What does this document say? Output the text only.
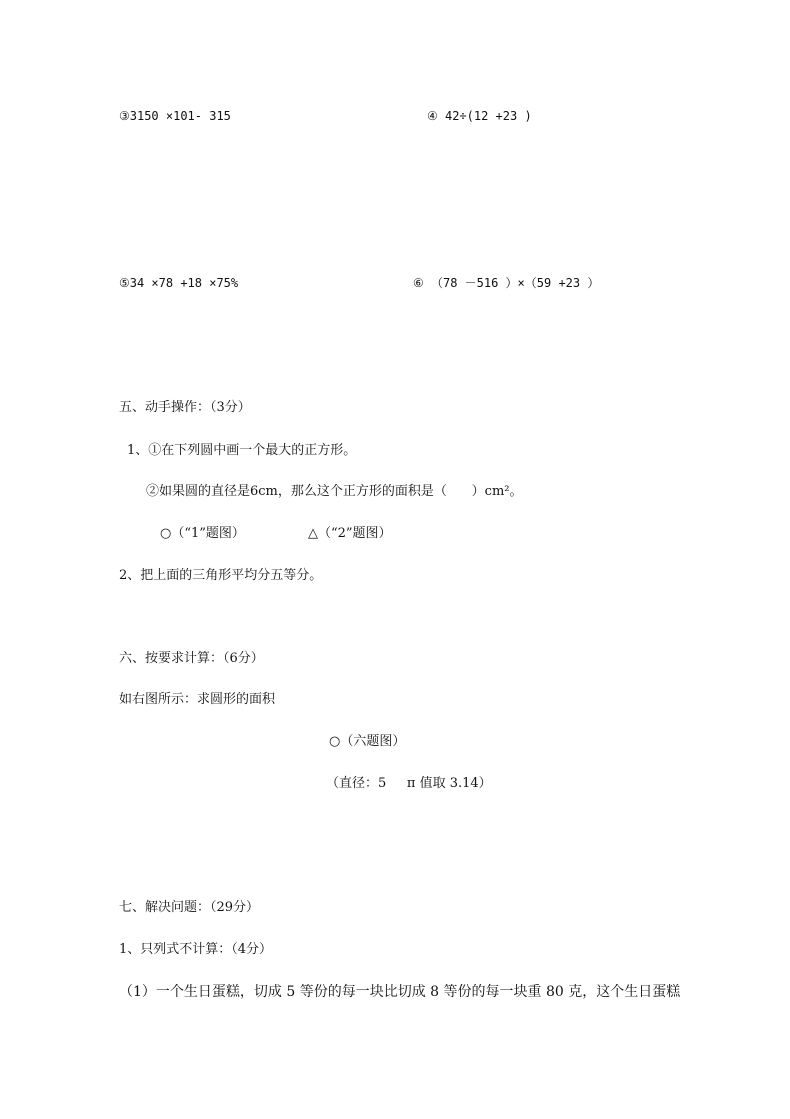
③3150 ×101- 315	④ 42÷(12 +23 )
⑤34 ×78 +18 ×75%	⑥ （78 －516 ）×（59 +23 ）
五、动手操作：（3分）
1、①在下列圆中画一个最大的正方形。
②如果圆的直径是6cm，那么这个正方形的面积是（      ）cm²。
○（“1”题图）	△（“2”题图）
2、把上面的三角形平均分五等分。
六、按要求计算：（6分）
如右图所示：求圆形的面积
○（六题图）
（直径：5     π 值取 3.14）
七、解决问题：（29分）
1、只列式不计算：（4分）
（1）一个生日蛋糕，切成 5 等份的每一块比切成 8 等份的每一块重 80 克，这个生日蛋糕
